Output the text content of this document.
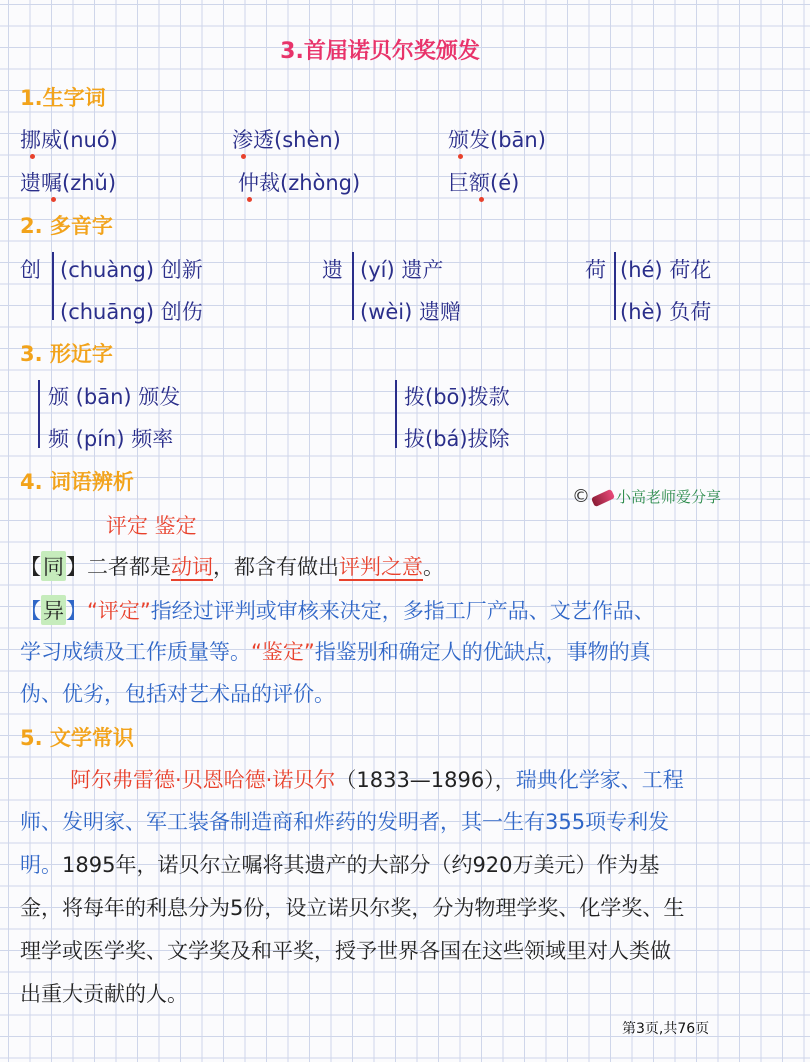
3.首届诺贝尔奖颁发
1.生字词
挪威(nuó)	渗透(shèn)	颁发(bān)
遗嘱(zhǔ)	仲裁(zhòng)	巨额(é)
2. 多音字
创 (chuàng) 创新
(chuāng) 创伤
遗 (yí) 遗产
(wèi) 遗赠
荷 (hé) 荷花
(hè) 负荷
3. 形近字
颁 (bān) 颁发
频 (pín) 频率
拨(bō)拨款
拔(bá)拔除
4. 词语辨析
© 小高老师爱分享
评定 鉴定
【同】二者都是动词，都含有做出评判之意。
【异】“评定”指经过评判或审核来决定，多指工厂产品、文艺作品、
学习成绩及工作质量等。“鉴定”指鉴别和确定人的优缺点，事物的真
伪、优劣，包括对艺术品的评价。
5. 文学常识
阿尔弗雷德·贝恩哈德·诺贝尔（1833—1896），瑞典化学家、工程
师、发明家、军工装备制造商和炸药的发明者，其一生有355项专利发
明。1895年，诺贝尔立嘱将其遗产的大部分（约920万美元）作为基
金，将每年的利息分为5份，设立诺贝尔奖，分为物理学奖、化学奖、生
理学或医学奖、文学奖及和平奖，授予世界各国在这些领域里对人类做
出重大贡献的人。
第3页,共76页
